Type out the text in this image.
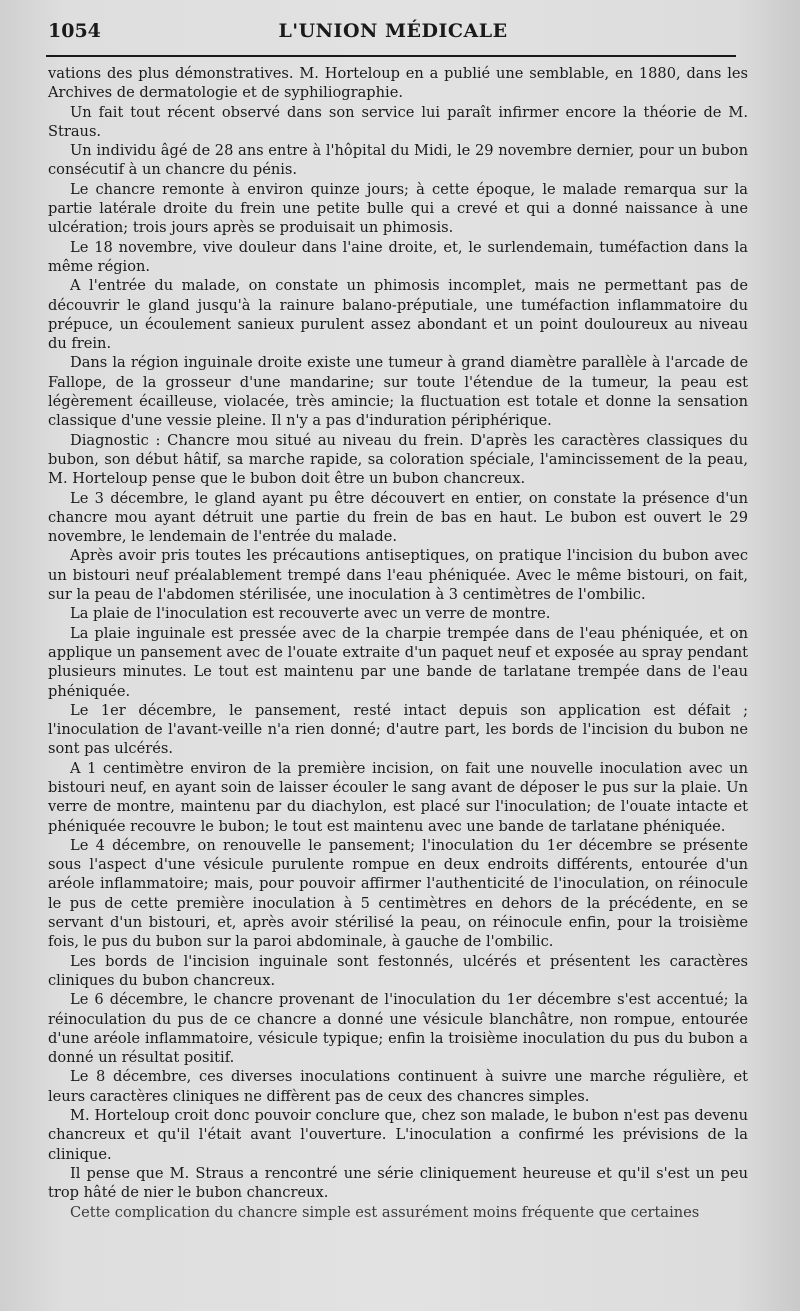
1054	L'UNION MÉDICALE

vations des plus démonstratives. M. Horteloup en a publié une semblable, en 1880, dans les Archives de dermatologie et de syphiliographie.

Un fait tout récent observé dans son service lui paraît infirmer encore la théorie de M. Straus.

Un individu âgé de 28 ans entre à l'hôpital du Midi, le 29 novembre dernier, pour un bubon consécutif à un chancre du pénis.

Le chancre remonte à environ quinze jours; à cette époque, le malade remarqua sur la partie latérale droite du frein une petite bulle qui a crevé et qui a donné naissance à une ulcération; trois jours après se produisait un phimosis.

Le 18 novembre, vive douleur dans l'aine droite, et, le surlendemain, tuméfaction dans la même région.

A l'entrée du malade, on constate un phimosis incomplet, mais ne permettant pas de découvrir le gland jusqu'à la rainure balano-préputiale, une tuméfaction inflammatoire du prépuce, un écoulement sanieux purulent assez abondant et un point douloureux au niveau du frein.

Dans la région inguinale droite existe une tumeur à grand diamètre parallèle à l'arcade de Fallope, de la grosseur d'une mandarine; sur toute l'étendue de la tumeur, la peau est légèrement écailleuse, violacée, très amincie; la fluctuation est totale et donne la sensation classique d'une vessie pleine. Il n'y a pas d'induration périphérique.

Diagnostic : Chancre mou situé au niveau du frein. D'après les caractères classiques du bubon, son début hâtif, sa marche rapide, sa coloration spéciale, l'amincissement de la peau, M. Horteloup pense que le bubon doit être un bubon chancreux.

Le 3 décembre, le gland ayant pu être découvert en entier, on constate la présence d'un chancre mou ayant détruit une partie du frein de bas en haut. Le bubon est ouvert le 29 novembre, le lendemain de l'entrée du malade.

Après avoir pris toutes les précautions antiseptiques, on pratique l'incision du bubon avec un bistouri neuf préalablement trempé dans l'eau phéniquée. Avec le même bistouri, on fait, sur la peau de l'abdomen stérilisée, une inoculation à 3 centimètres de l'ombilic.

La plaie de l'inoculation est recouverte avec un verre de montre.

La plaie inguinale est pressée avec de la charpie trempée dans de l'eau phéniquée, et on applique un pansement avec de l'ouate extraite d'un paquet neuf et exposée au spray pendant plusieurs minutes. Le tout est maintenu par une bande de tarlatane trempée dans de l'eau phéniquée.

Le 1er décembre, le pansement, resté intact depuis son application est défait ; l'inoculation de l'avant-veille n'a rien donné; d'autre part, les bords de l'incision du bubon ne sont pas ulcérés.

A 1 centimètre environ de la première incision, on fait une nouvelle inoculation avec un bistouri neuf, en ayant soin de laisser écouler le sang avant de déposer le pus sur la plaie. Un verre de montre, maintenu par du diachylon, est placé sur l'inoculation; de l'ouate intacte et phéniquée recouvre le bubon; le tout est maintenu avec une bande de tarlatane phéniquée.

Le 4 décembre, on renouvelle le pansement; l'inoculation du 1er décembre se présente sous l'aspect d'une vésicule purulente rompue en deux endroits différents, entourée d'un aréole inflammatoire; mais, pour pouvoir affirmer l'authenticité de l'inoculation, on réinocule le pus de cette première inoculation à 5 centimètres en dehors de la précédente, en se servant d'un bistouri, et, après avoir stérilisé la peau, on réinocule enfin, pour la troisième fois, le pus du bubon sur la paroi abdominale, à gauche de l'ombilic.

Les bords de l'incision inguinale sont festonnés, ulcérés et présentent les caractères cliniques du bubon chancreux.

Le 6 décembre, le chancre provenant de l'inoculation du 1er décembre s'est accentué; la réinoculation du pus de ce chancre a donné une vésicule blanchâtre, non rompue, entourée d'une aréole inflammatoire, vésicule typique; enfin la troisième inoculation du pus du bubon a donné un résultat positif.

Le 8 décembre, ces diverses inoculations continuent à suivre une marche régulière, et leurs caractères cliniques ne diffèrent pas de ceux des chancres simples.

M. Horteloup croit donc pouvoir conclure que, chez son malade, le bubon n'est pas devenu chancreux et qu'il l'était avant l'ouverture. L'inoculation a confirmé les prévisions de la clinique.

Il pense que M. Straus a rencontré une série cliniquement heureuse et qu'il s'est un peu trop hâté de nier le bubon chancreux.

Cette complication du chancre simple est assurément moins fréquente que certaines
